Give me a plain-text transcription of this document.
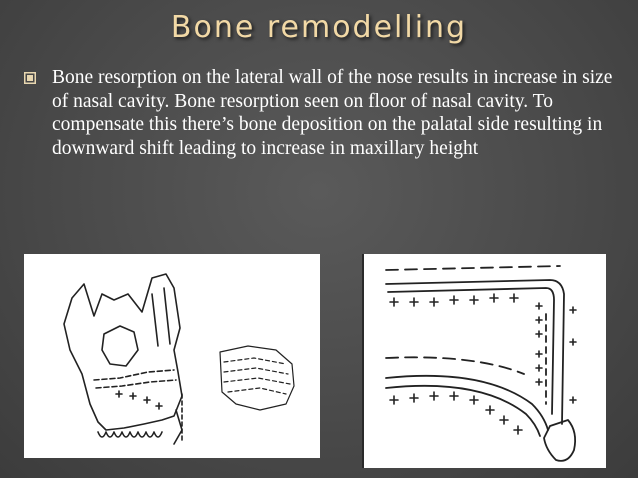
Bone remodelling

Bone resorption on the lateral wall of the nose results in increase in size of nasal cavity. Bone resorption seen on floor of nasal cavity. To compensate this there’s bone deposition on the palatal side resulting in downward shift leading to increase in maxillary height
